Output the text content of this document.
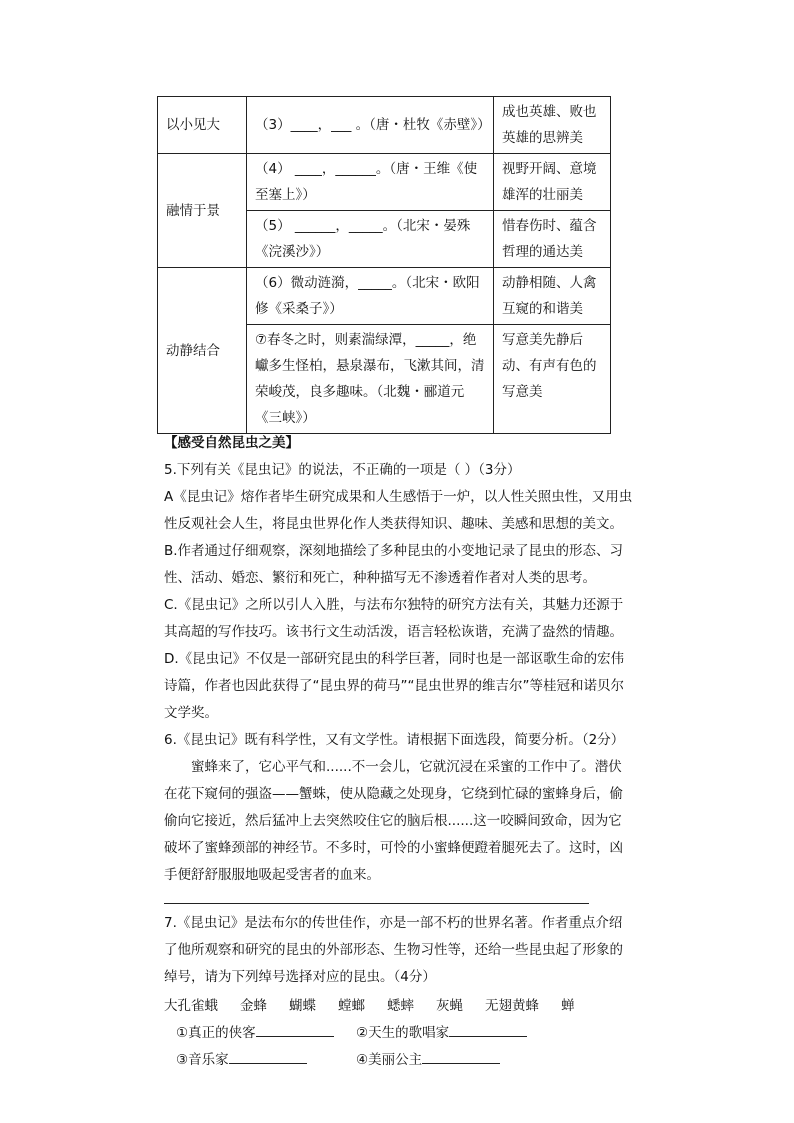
以小见大	（3）____，___ 。（唐・杜牧《赤壁》）	成也英雄、败也英雄的思辨美
融情于景	（4） ____，______。（唐・王维《使至塞上》）	视野开阔、意境雄浑的壮丽美
	（5） ______，_____。（北宋・晏殊《浣溪沙》）	惜春伤时、蕴含哲理的通达美
动静结合	（6）微动涟漪，_____。（北宋・欧阳修《采桑子》）	动静相随、人禽互窥的和谐美
	⑦春冬之时，则素湍绿潭，_____，绝巘多生怪柏，悬泉瀑布，飞漱其间，清荣峻茂，良多趣味。（北魏・郦道元《三峡》）	写意美先静后动、有声有色的写意美

【感受自然昆虫之美】

5.下列有关《昆虫记》的说法，不正确的一项是（ ）（3分）

A《昆虫记》熔作者毕生研究成果和人生感悟于一炉，以人性关照虫性，又用虫性反观社会人生，将昆虫世界化作人类获得知识、趣味、美感和思想的美文。

B.作者通过仔细观察，深刻地描绘了多种昆虫的小变地记录了昆虫的形态、习性、活动、婚恋、繁衍和死亡，种种描写无不渗透着作者对人类的思考。

C.《昆虫记》之所以引人入胜，与法布尔独特的研究方法有关，其魅力还源于其高超的写作技巧。该书行文生动活泼，语言轻松诙谐，充满了盎然的情趣。

D.《昆虫记》不仅是一部研究昆虫的科学巨著，同时也是一部讴歌生命的宏伟诗篇，作者也因此获得了“昆虫界的荷马”“昆虫世界的维吉尔”等桂冠和诺贝尔文学奖。

6.《昆虫记》既有科学性，又有文学性。请根据下面选段，简要分析。（2分）

蜜蜂来了，它心平气和......不一会儿，它就沉浸在采蜜的工作中了。潜伏在花下窥伺的强盗——蟹蛛，使从隐藏之处现身，它绕到忙碌的蜜蜂身后，偷偷向它接近，然后猛冲上去突然咬住它的脑后根......这一咬瞬间致命，因为它破坏了蜜蜂颈部的神经节。不多时，可怜的小蜜蜂便蹬着腿死去了。这时，凶手便舒舒服服地吸起受害者的血来。

7.《昆虫记》是法布尔的传世佳作，亦是一部不朽的世界名著。作者重点介绍了他所观察和研究的昆虫的外部形态、生物习性等，还给一些昆虫起了形象的绰号，请为下列绰号选择对应的昆虫。（4分）

大孔雀蛾 金蜂 蝴蝶 螳螂 蟋蟀 灰蝇 无翅黄蜂 蝉
①真正的侠客	②天生的歌唱家
③音乐家	④美丽公主
